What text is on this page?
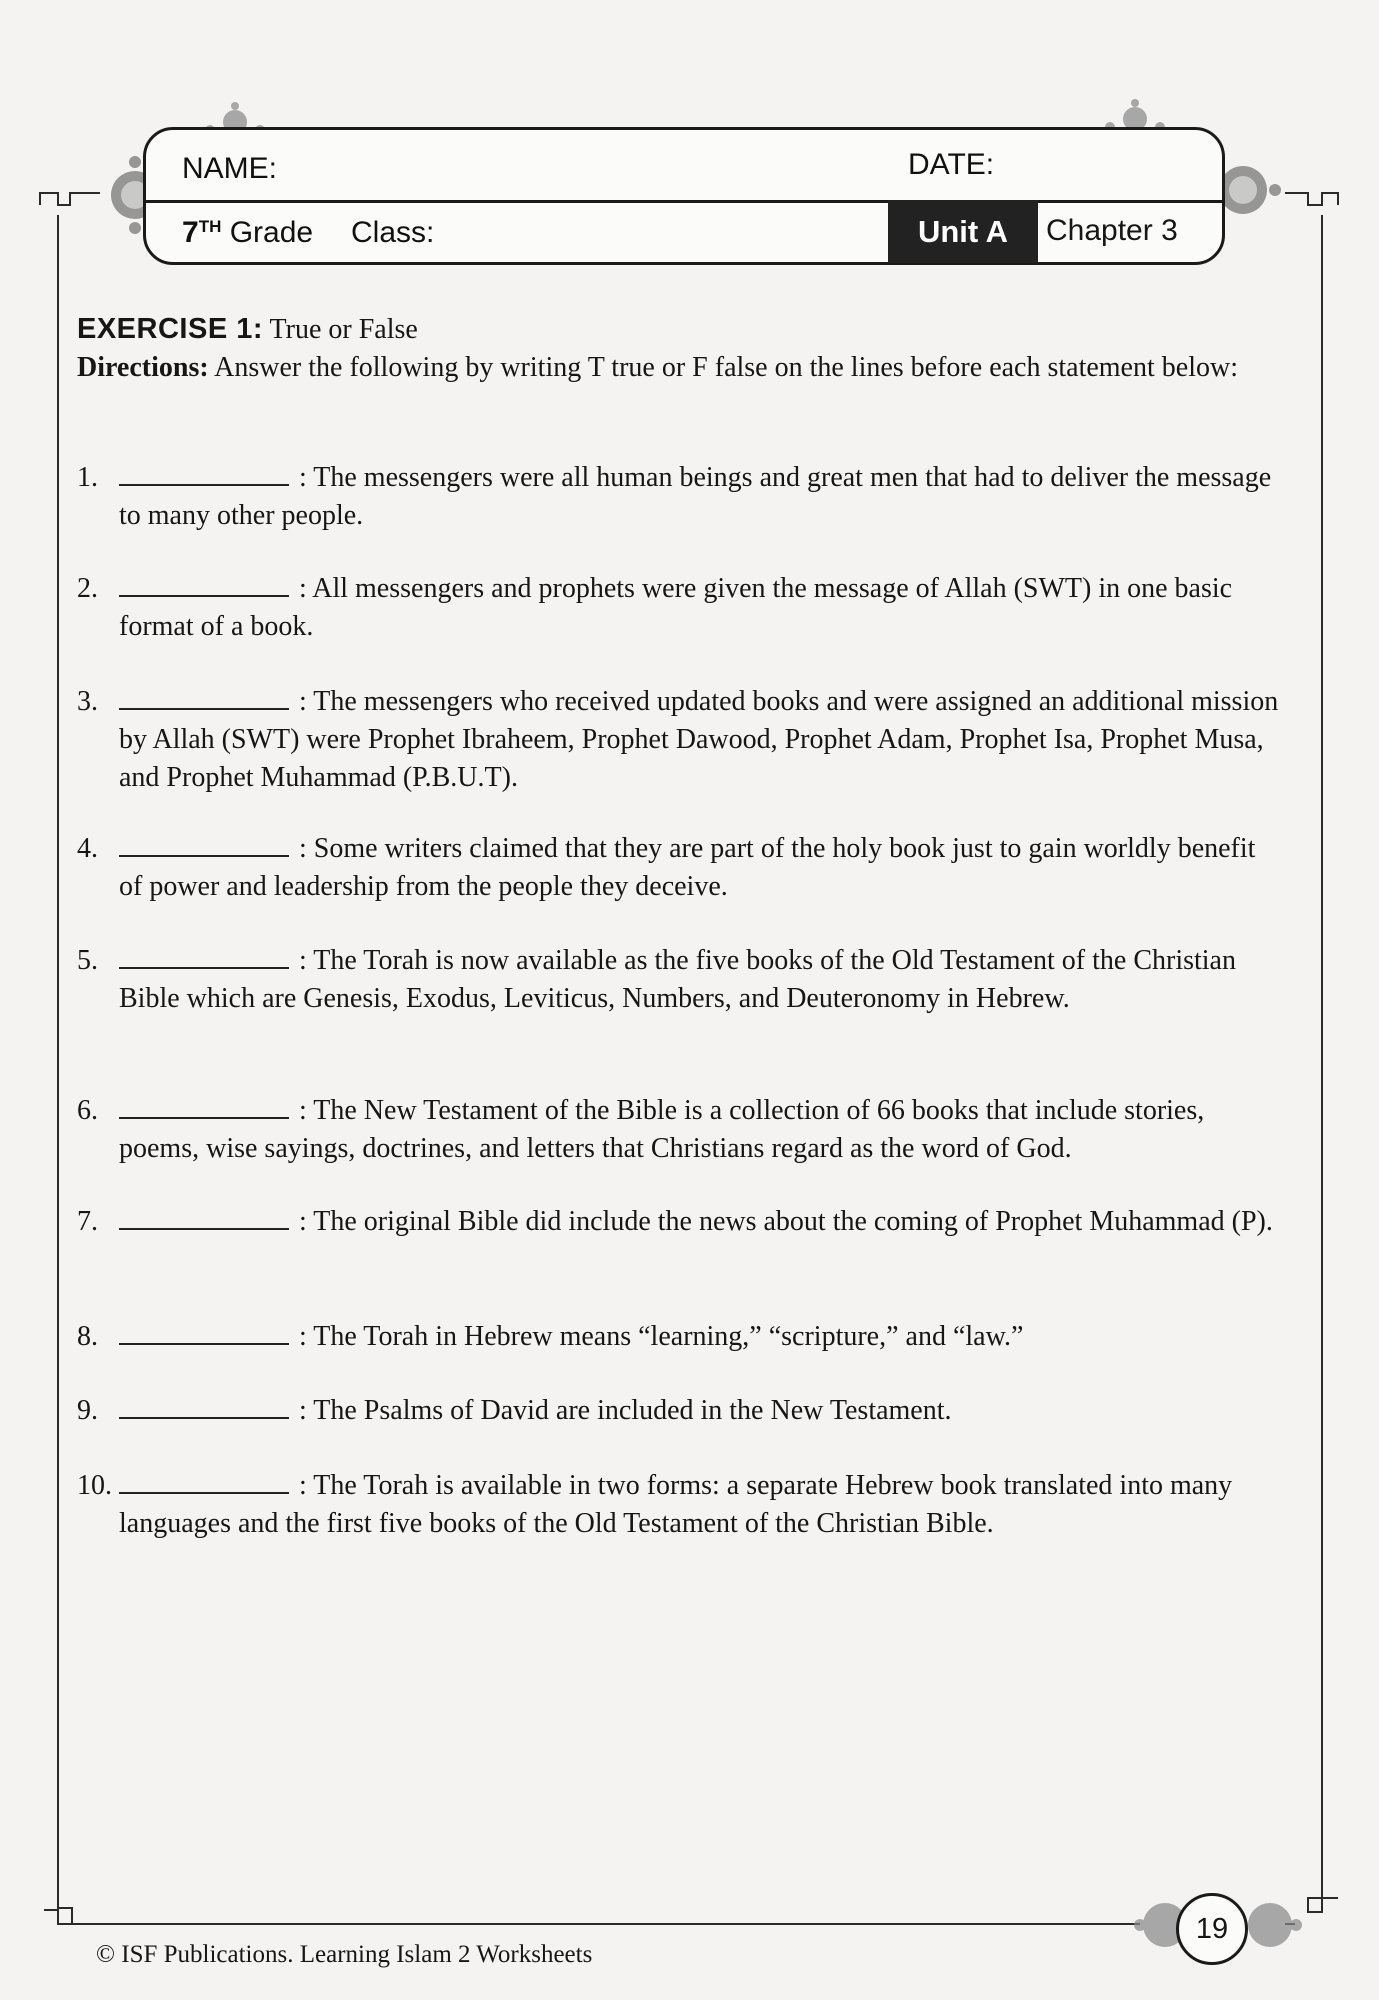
NAME:	DATE:
7TH Grade Class:	Unit A	Chapter 3
EXERCISE 1: True or False
Directions: Answer the following by writing T true or F false on the lines before each statement below:
1.	: The messengers were all human beings and great men that had to deliver the message to many other people.
2.	: All messengers and prophets were given the message of Allah (SWT) in one basic format of a book.
3.	: The messengers who received updated books and were assigned an additional mission by Allah (SWT) were Prophet Ibraheem, Prophet Dawood, Prophet Adam, Prophet Isa, Prophet Musa, and Prophet Muhammad (P.B.U.T).
4.	: Some writers claimed that they are part of the holy book just to gain worldly benefit of power and leadership from the people they deceive.
5.	: The Torah is now available as the five books of the Old Testament of the Christian Bible which are Genesis, Exodus, Leviticus, Numbers, and Deuteronomy in Hebrew.
6.	: The New Testament of the Bible is a collection of 66 books that include stories, poems, wise sayings, doctrines, and letters that Christians regard as the word of God.
7.	: The original Bible did include the news about the coming of Prophet Muhammad (P).
8.	: The Torah in Hebrew means “learning,” “scripture,” and “law.”
9.	: The Psalms of David are included in the New Testament.
10.	: The Torah is available in two forms: a separate Hebrew book translated into many languages and the first five books of the Old Testament of the Christian Bible.
19
© ISF Publications. Learning Islam 2 Worksheets
